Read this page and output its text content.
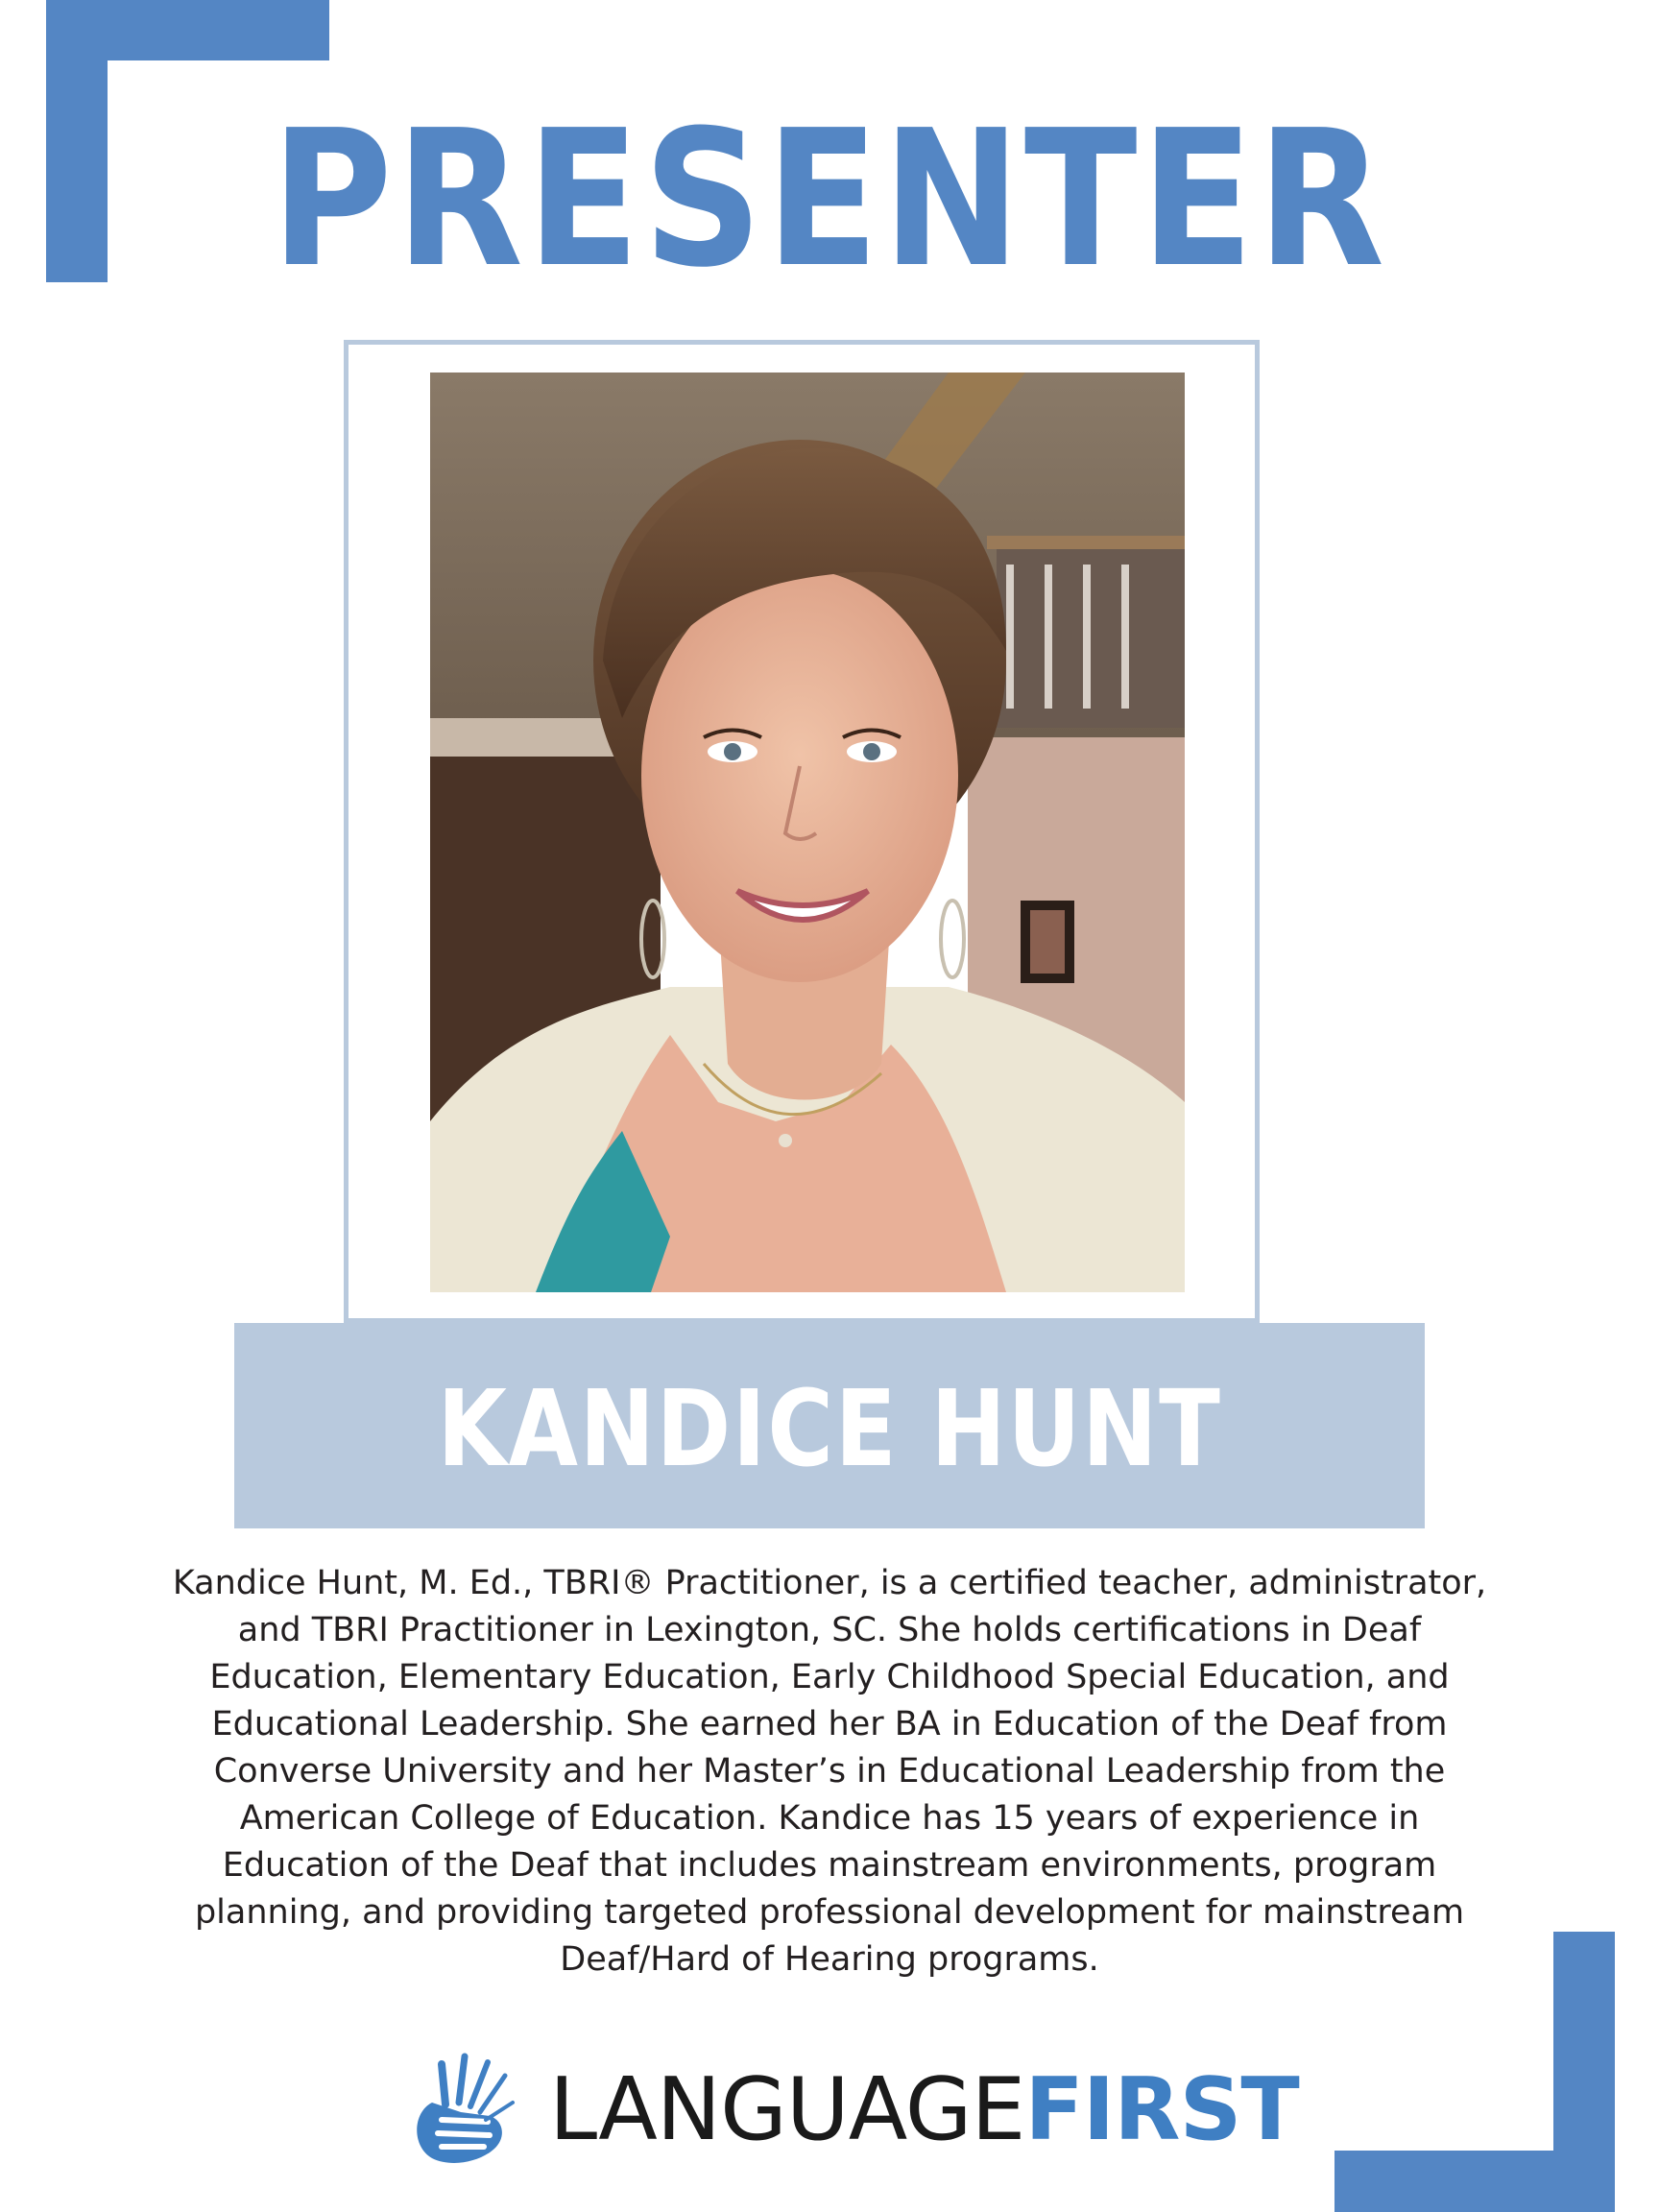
PRESENTER
KANDICE HUNT
Kandice Hunt, M. Ed., TBRI® Practitioner, is a certified teacher, administrator,
and TBRI Practitioner in Lexington, SC. She holds certifications in Deaf
Education, Elementary Education, Early Childhood Special Education, and
Educational Leadership. She earned her BA in Education of the Deaf from
Converse University and her Master’s in Educational Leadership from the
American College of Education. Kandice has 15 years of experience in
Education of the Deaf that includes mainstream environments, program
planning, and providing targeted professional development for mainstream
Deaf/Hard of Hearing programs.
LANGUAGEFIRST
